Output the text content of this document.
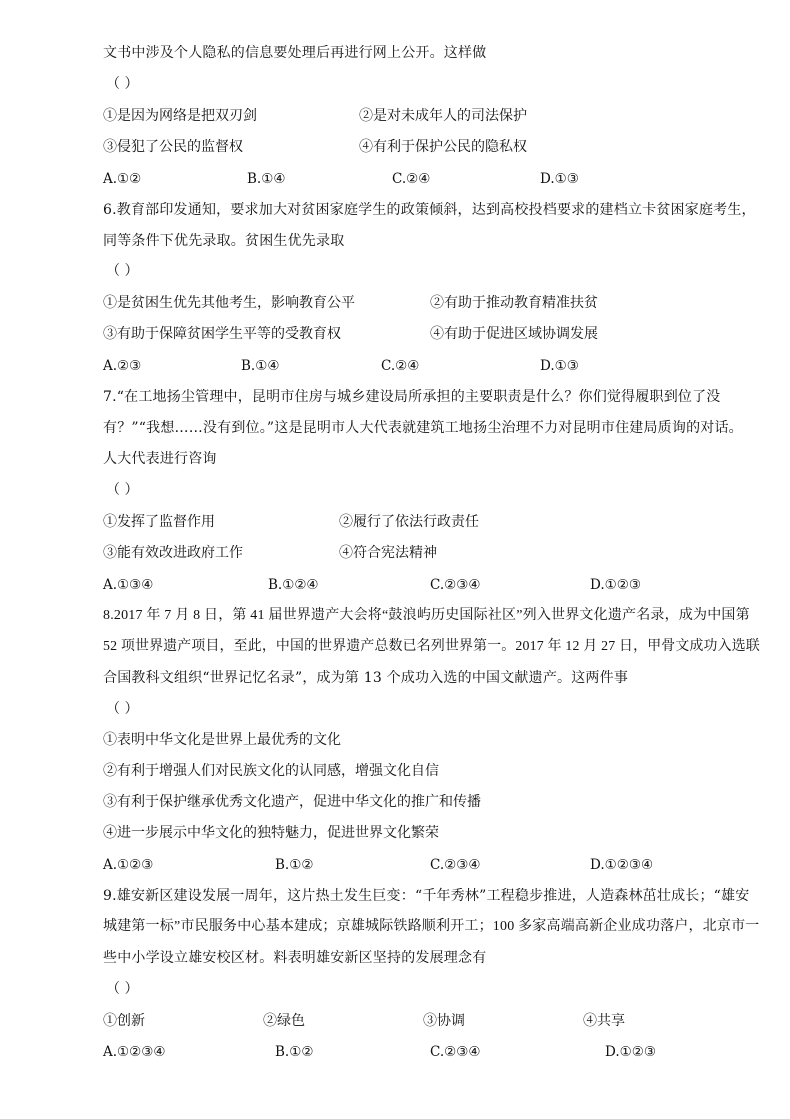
文书中涉及个人隐私的信息要处理后再进行网上公开。这样做
（ ）
①是因为网络是把双刃剑	②是对未成年人的司法保护
③侵犯了公民的监督权	④有利于保护公民的隐私权
A.①②	B.①④	C.②④	D.①③
6.教育部印发通知，要求加大对贫困家庭学生的政策倾斜，达到高校投档要求的建档立卡贫困家庭考生，
同等条件下优先录取。贫困生优先录取
（ ）
①是贫困生优先其他考生，影响教育公平	②有助于推动教育精准扶贫
③有助于保障贫困学生平等的受教育权	④有助于促进区域协调发展
A.②③	B.①④	C.②④	D.①③
7.“在工地扬尘管理中，昆明市住房与城乡建设局所承担的主要职责是什么？你们觉得履职到位了没
有？”“我想……没有到位。”这是昆明市人大代表就建筑工地扬尘治理不力对昆明市住建局质询的对话。
人大代表进行咨询
（ ）
①发挥了监督作用	②履行了依法行政责任
③能有效改进政府工作	④符合宪法精神
A.①③④	B.①②④	C.②③④	D.①②③
8.2017 年 7 月 8 日，第 41 届世界遗产大会将“鼓浪屿历史国际社区”列入世界文化遗产名录，成为中国第
52 项世界遗产项目，至此，中国的世界遗产总数已名列世界第一。2017 年 12 月 27 日，甲骨文成功入选联
合国教科文组织“世界记忆名录”，成为第 13 个成功入选的中国文献遗产。这两件事
（ ）
①表明中华文化是世界上最优秀的文化
②有利于增强人们对民族文化的认同感，增强文化自信
③有利于保护继承优秀文化遗产，促进中华文化的推广和传播
④进一步展示中华文化的独特魅力，促进世界文化繁荣
A.①②③	B.①②	C.②③④	D.①②③④
9.雄安新区建设发展一周年，这片热土发生巨变：“千年秀林”工程稳步推进，人造森林茁壮成长；“雄安
城建第一标”市民服务中心基本建成；京雄城际铁路顺利开工；100 多家高端高新企业成功落户，北京市一
些中小学设立雄安校区材。料表明雄安新区坚持的发展理念有
（ ）
①创新	②绿色	③协调	④共享
A.①②③④	B.①②	C.②③④	D.①②③
